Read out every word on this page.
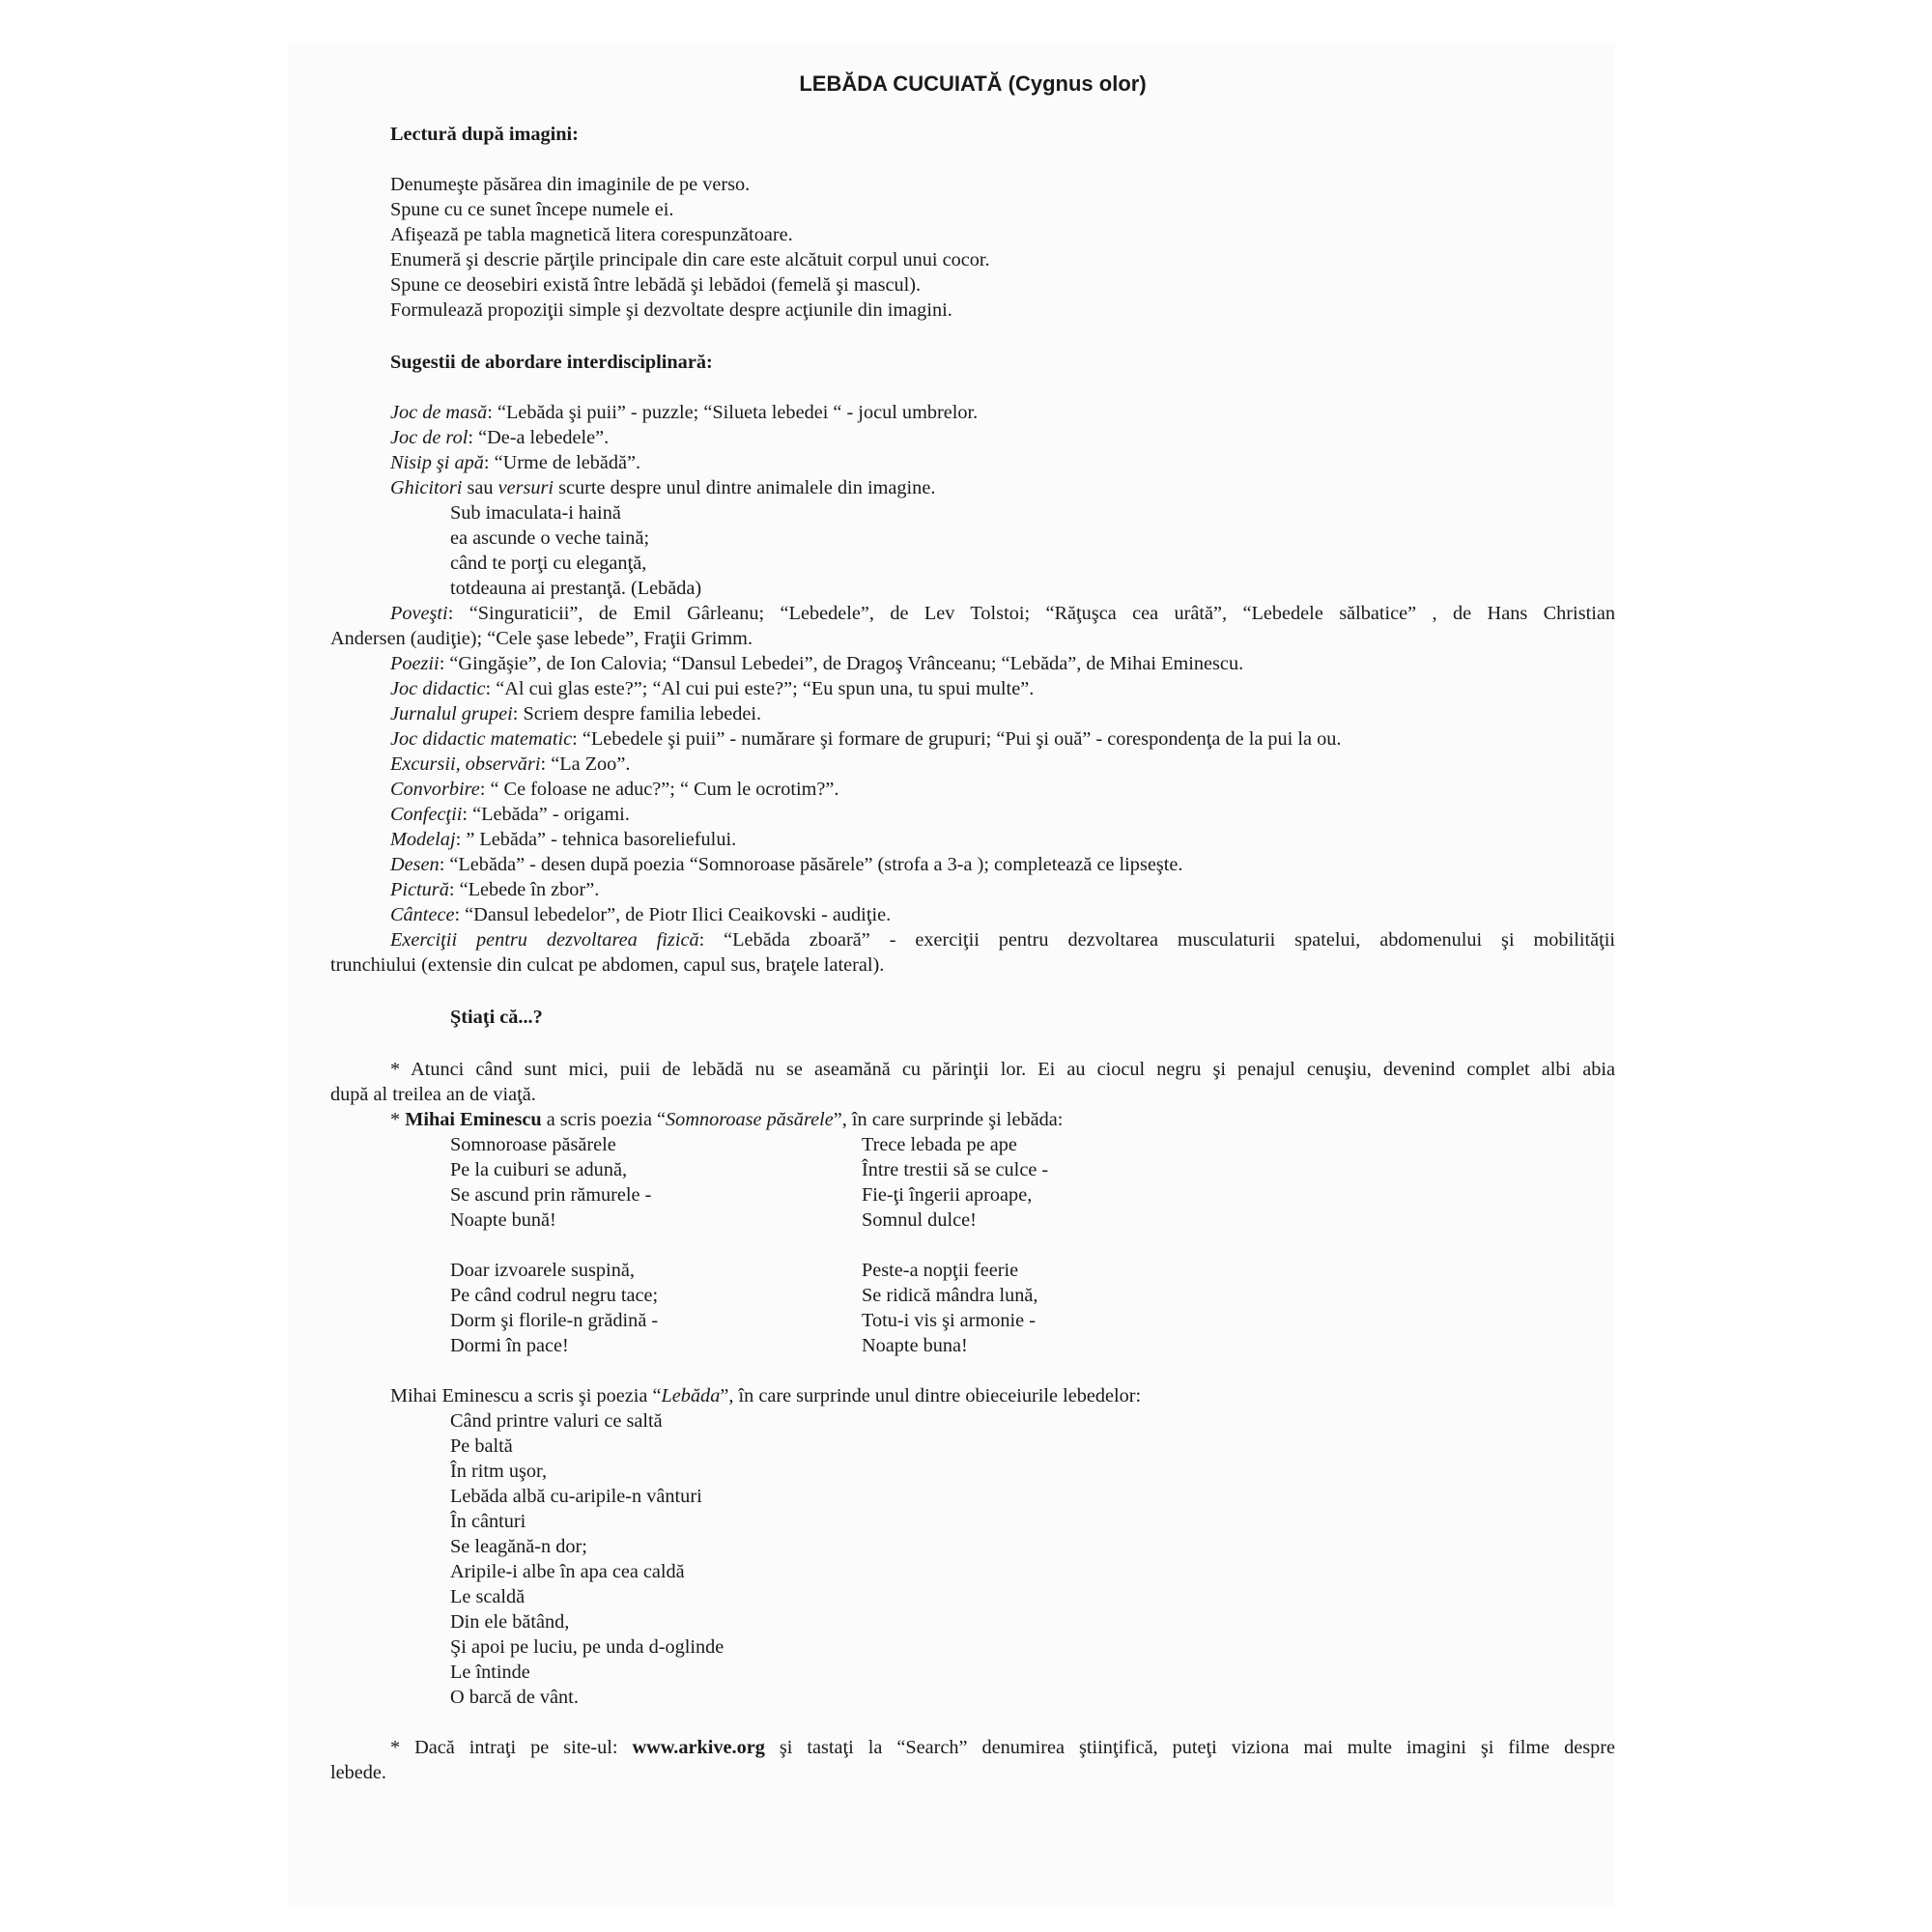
LEBĂDA CUCUIATĂ (Cygnus olor)
Lectură după imagini:
Denumeşte păsărea din imaginile de pe verso.
Spune cu ce sunet începe numele ei.
Afişează pe tabla magnetică litera corespunzătoare.
Enumeră şi descrie părţile principale din care este alcătuit corpul unui cocor.
Spune ce deosebiri există între lebădă şi lebădoi (femelă şi mascul).
Formulează propoziţii simple şi dezvoltate despre acţiunile din imagini.
Sugestii de abordare interdisciplinară:
Joc de masă: “Lebăda şi puii” - puzzle; “Silueta lebedei “ - jocul umbrelor.
Joc de rol: “De-a lebedele”.
Nisip şi apă: “Urme de lebădă”.
Ghicitori sau versuri scurte despre unul dintre animalele din imagine.
Sub imaculata-i haină
ea ascunde o veche taină;
când te porţi cu eleganţă,
totdeauna ai prestanţă. (Lebăda)
Poveşti: “Singuraticii”, de Emil Gârleanu; “Lebedele”, de Lev Tolstoi; “Răţuşca cea urâtă”, “Lebedele sălbatice” , de Hans Christian
Andersen (audiţie); “Cele şase lebede”, Fraţii Grimm.
Poezii: “Gingăşie”, de Ion Calovia; “Dansul Lebedei”, de Dragoş Vrânceanu; “Lebăda”, de Mihai Eminescu.
Joc didactic: “Al cui glas este?”; “Al cui pui este?”; “Eu spun una, tu spui multe”.
Jurnalul grupei: Scriem despre familia lebedei.
Joc didactic matematic: “Lebedele şi puii” - numărare şi formare de grupuri; “Pui şi ouă” - corespondenţa de la pui la ou.
Excursii, observări: “La Zoo”.
Convorbire: “ Ce foloase ne aduc?”; “ Cum le ocrotim?”.
Confecţii: “Lebăda” - origami.
Modelaj: ” Lebăda” - tehnica basoreliefului.
Desen: “Lebăda” - desen după poezia “Somnoroase păsărele” (strofa a 3-a ); completează ce lipseşte.
Pictură: “Lebede în zbor”.
Cântece: “Dansul lebedelor”, de Piotr Ilici Ceaikovski - audiţie.
Exerciţii pentru dezvoltarea fizică: “Lebăda zboară” - exerciţii pentru dezvoltarea musculaturii spatelui, abdomenului şi mobilităţii
trunchiului (extensie din culcat pe abdomen, capul sus, braţele lateral).
Ştiaţi că...?
* Atunci când sunt mici, puii de lebădă nu se aseamănă cu părinţii lor. Ei au ciocul negru şi penajul cenuşiu, devenind complet albi abia
după al treilea an de viaţă.
* Mihai Eminescu a scris poezia “Somnoroase păsărele”, în care surprinde şi lebăda:
Somnoroase păsărele
Pe la cuiburi se adună,
Se ascund prin rămurele -
Noapte bună!
Trece lebada pe ape
Între trestii să se culce -
Fie-ţi îngerii aproape,
Somnul dulce!
Doar izvoarele suspină,
Pe când codrul negru tace;
Dorm şi florile-n grădină -
Dormi în pace!
Peste-a nopţii feerie
Se ridică mândra lună,
Totu-i vis şi armonie -
Noapte buna!
Mihai Eminescu a scris şi poezia “Lebăda”, în care surprinde unul dintre obieceiurile lebedelor:
Când printre valuri ce saltă
Pe baltă
În ritm uşor,
Lebăda albă cu-aripile-n vânturi
În cânturi
Se leagănă-n dor;
Aripile-i albe în apa cea caldă
Le scaldă
Din ele bătând,
Şi apoi pe luciu, pe unda d-oglinde
Le întinde
O barcă de vânt.
* Dacă intraţi pe site-ul: www.arkive.org şi tastaţi la “Search” denumirea ştiinţifică, puteţi viziona mai multe imagini şi filme despre
lebede.
